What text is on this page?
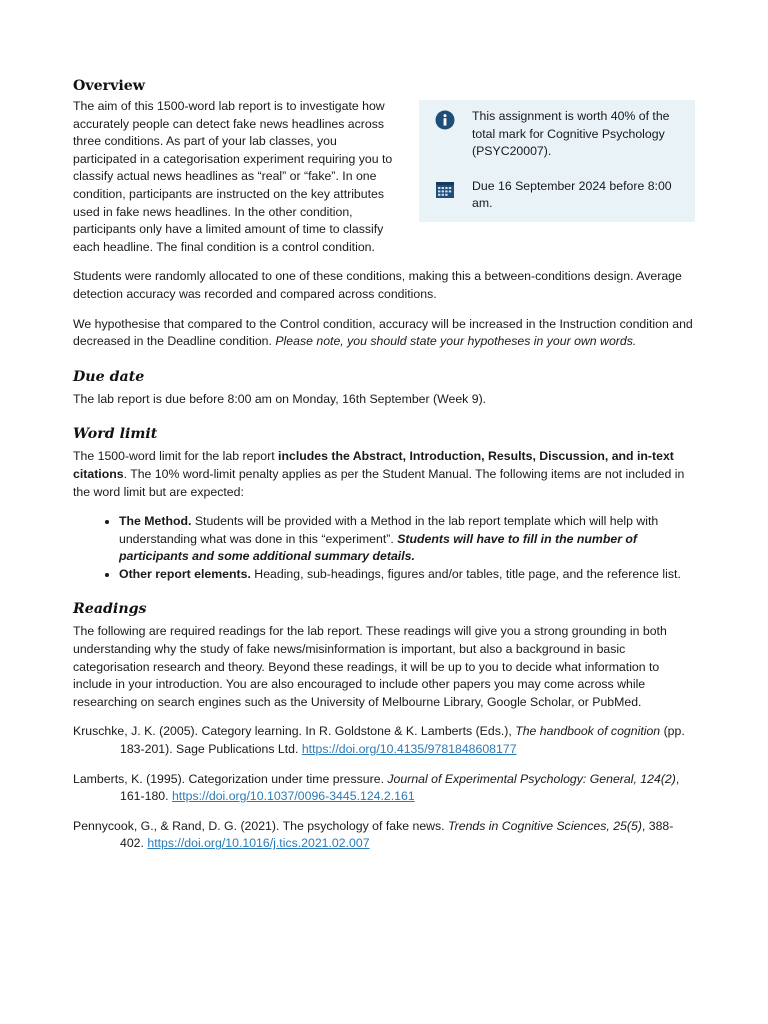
Overview

The aim of this 1500-word lab report is to investigate how accurately people can detect fake news headlines across three conditions. As part of your lab classes, you participated in a categorisation experiment requiring you to classify actual news headlines as “real” or “fake”. In one condition, participants are instructed on the key attributes used in fake news headlines. In the other condition, participants only have a limited amount of time to classify each headline. The final condition is a control condition.

This assignment is worth 40% of the total mark for Cognitive Psychology (PSYC20007).

Due 16 September 2024 before 8:00 am.

Students were randomly allocated to one of these conditions, making this a between-conditions design. Average detection accuracy was recorded and compared across conditions.

We hypothesise that compared to the Control condition, accuracy will be increased in the Instruction condition and decreased in the Deadline condition. Please note, you should state your hypotheses in your own words.

Due date

The lab report is due before 8:00 am on Monday, 16th September (Week 9).

Word limit

The 1500-word limit for the lab report includes the Abstract, Introduction, Results, Discussion, and in-text citations. The 10% word-limit penalty applies as per the Student Manual. The following items are not included in the word limit but are expected:

• The Method. Students will be provided with a Method in the lab report template which will help with understanding what was done in this “experiment”. Students will have to fill in the number of participants and some additional summary details.
• Other report elements. Heading, sub-headings, figures and/or tables, title page, and the reference list.
Readings

The following are required readings for the lab report. These readings will give you a strong grounding in both understanding why the study of fake news/misinformation is important, but also a background in basic categorisation research and theory. Beyond these readings, it will be up to you to decide what information to include in your introduction. You are also encouraged to include other papers you may come across while researching on search engines such as the University of Melbourne Library, Google Scholar, or PubMed.

Kruschke, J. K. (2005). Category learning. In R. Goldstone & K. Lamberts (Eds.), The handbook of cognition (pp. 183-201). Sage Publications Ltd. https://doi.org/10.4135/9781848608177

Lamberts, K. (1995). Categorization under time pressure. Journal of Experimental Psychology: General, 124(2), 161-180. https://doi.org/10.1037/0096-3445.124.2.161

Pennycook, G., & Rand, D. G. (2021). The psychology of fake news. Trends in Cognitive Sciences, 25(5), 388-402. https://doi.org/10.1016/j.tics.2021.02.007
